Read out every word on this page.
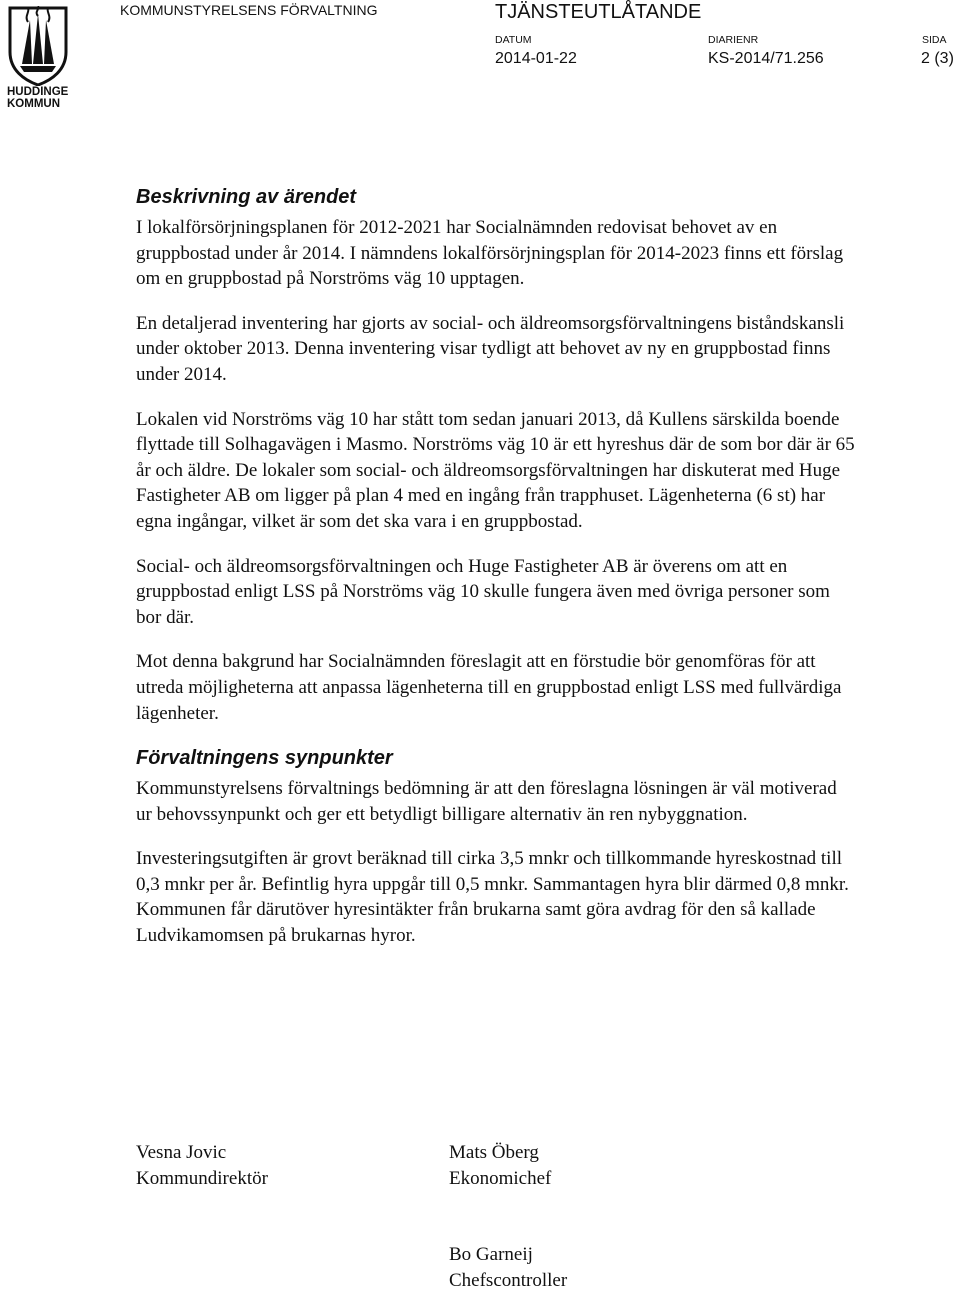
HUDDINGE
KOMMUN
KOMMUNSTYRELSENS FÖRVALTNING	TJÄNSTEUTLÅTANDE
DATUM
2014-01-22
DIARIENR
KS-2014/71.256
SIDA
2 (3)
Beskrivning av ärendet

I lokalförsörjningsplanen för 2012-2021 har Socialnämnden redovisat behovet av en gruppbostad under år 2014. I nämndens lokalförsörjningsplan för 2014-2023 finns ett förslag om en gruppbostad på Norströms väg 10 upptagen.

En detaljerad inventering har gjorts av social- och äldreomsorgsförvaltningens biståndskansli under oktober 2013. Denna inventering visar tydligt att behovet av ny en gruppbostad finns under 2014.

Lokalen vid Norströms väg 10 har stått tom sedan januari 2013, då Kullens särskilda boende flyttade till Solhagavägen i Masmo. Norströms väg 10 är ett hyreshus där de som bor där är 65 år och äldre. De lokaler som social- och äldreomsorgsförvaltningen har diskuterat med Huge Fastigheter AB om ligger på plan 4 med en ingång från trapphuset. Lägenheterna (6 st) har egna ingångar, vilket är som det ska vara i en gruppbostad.

Social- och äldreomsorgsförvaltningen och Huge Fastigheter AB är överens om att en gruppbostad enligt LSS på Norströms väg 10 skulle fungera även med övriga personer som bor där.

Mot denna bakgrund har Socialnämnden föreslagit att en förstudie bör genomföras för att utreda möjligheterna att anpassa lägenheterna till en gruppbostad enligt LSS med fullvärdiga lägenheter.

Förvaltningens synpunkter

Kommunstyrelsens förvaltnings bedömning är att den föreslagna lösningen är väl motiverad ur behovssynpunkt och ger ett betydligt billigare alternativ än ren nybyggnation.

Investeringsutgiften är grovt beräknad till cirka 3,5 mnkr och tillkommande hyreskostnad till 0,3 mnkr per år. Befintlig hyra uppgår till 0,5 mnkr. Sammantagen hyra blir därmed 0,8 mnkr. Kommunen får därutöver hyresintäkter från brukarna samt göra avdrag för den så kallade Ludvikamomsen på brukarnas hyror.

Vesna Jovic
Kommundirektör
Mats Öberg
Ekonomichef
Bo Garneij
Chefscontroller
